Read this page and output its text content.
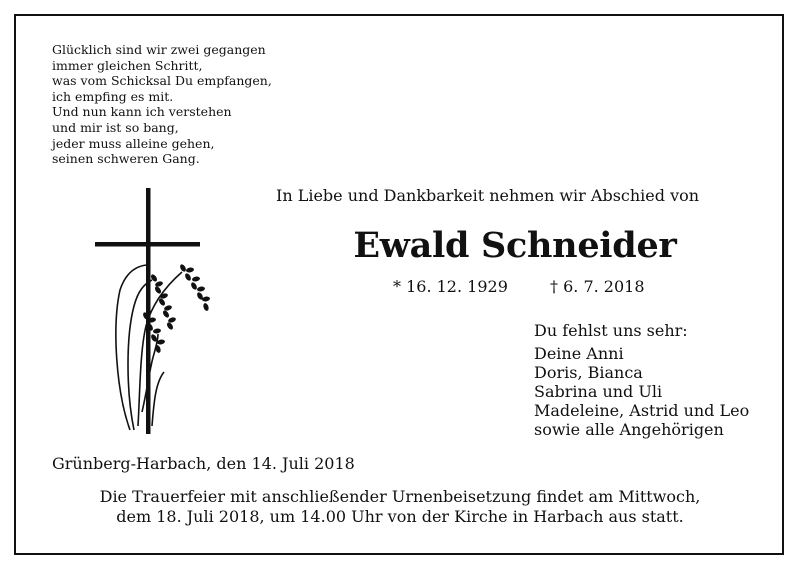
Glücklich sind wir zwei gegangen
immer gleichen Schritt,
was vom Schicksal Du empfangen,
ich empfing es mit.
Und nun kann ich verstehen
und mir ist so bang,
jeder muss alleine gehen,
seinen schweren Gang.
In Liebe und Dankbarkeit nehmen wir Abschied von
Ewald Schneider
* 16. 12. 1929	† 6. 7. 2018
Du fehlst uns sehr:
Deine Anni
Doris, Bianca
Sabrina und Uli
Madeleine, Astrid und Leo
sowie alle Angehörigen
Grünberg-Harbach, den 14. Juli 2018
Die Trauerfeier mit anschließender Urnenbeisetzung findet am Mittwoch,
dem 18. Juli 2018, um 14.00 Uhr von der Kirche in Harbach aus statt.
